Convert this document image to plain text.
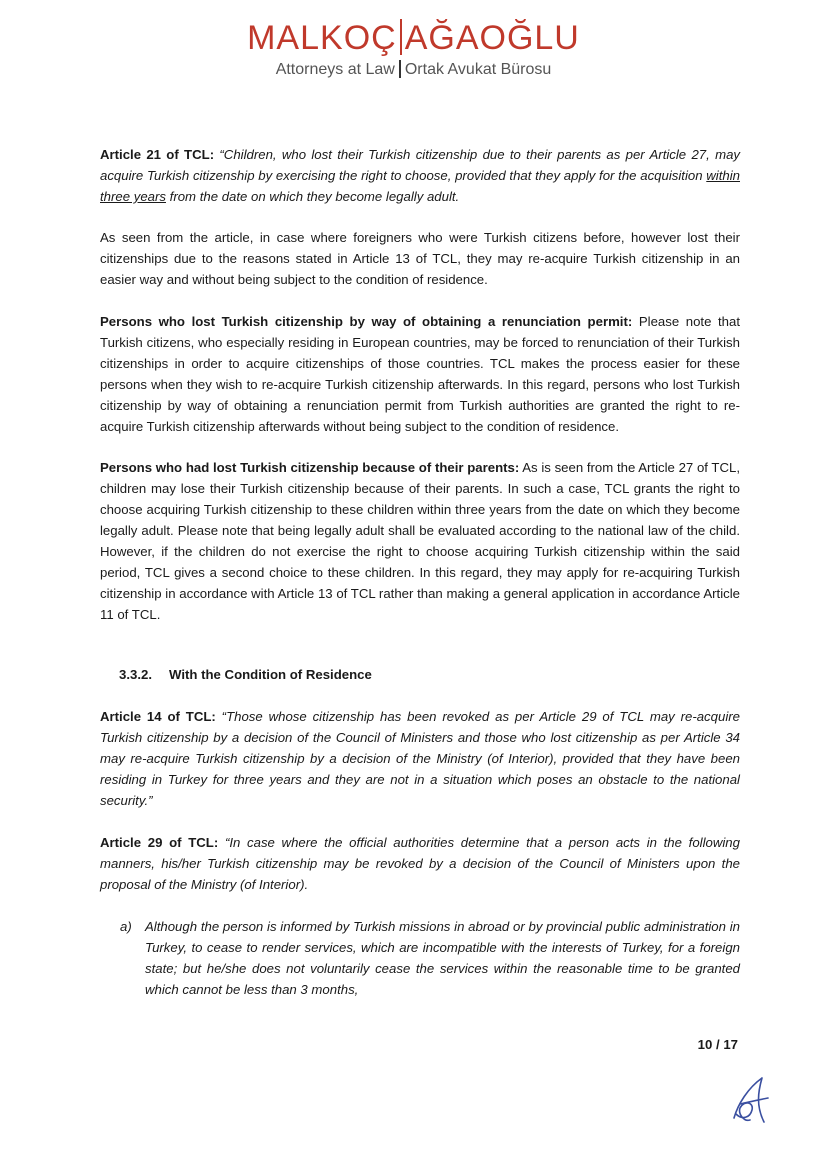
MALKOÇ AĞAOĞLU
Attorneys at Law Ortak Avukat Bürosu
Article 21 of TCL: “Children, who lost their Turkish citizenship due to their parents as per Article 27, may acquire Turkish citizenship by exercising the right to choose, provided that they apply for the acquisition within three years from the date on which they become legally adult.
As seen from the article, in case where foreigners who were Turkish citizens before, however lost their citizenships due to the reasons stated in Article 13 of TCL, they may re-acquire Turkish citizenship in an easier way and without being subject to the condition of residence.
Persons who lost Turkish citizenship by way of obtaining a renunciation permit: Please note that Turkish citizens, who especially residing in European countries, may be forced to renunciation of their Turkish citizenships in order to acquire citizenships of those countries. TCL makes the process easier for these persons when they wish to re-acquire Turkish citizenship afterwards. In this regard, persons who lost Turkish citizenship by way of obtaining a renunciation permit from Turkish authorities are granted the right to re-acquire Turkish citizenship afterwards without being subject to the condition of residence.
Persons who had lost Turkish citizenship because of their parents: As is seen from the Article 27 of TCL, children may lose their Turkish citizenship because of their parents. In such a case, TCL grants the right to choose acquiring Turkish citizenship to these children within three years from the date on which they become legally adult. Please note that being legally adult shall be evaluated according to the national law of the child. However, if the children do not exercise the right to choose acquiring Turkish citizenship within the said period, TCL gives a second choice to these children. In this regard, they may apply for re-acquiring Turkish citizenship in accordance with Article 13 of TCL rather than making a general application in accordance Article 11 of TCL.
3.3.2. With the Condition of Residence
Article 14 of TCL: “Those whose citizenship has been revoked as per Article 29 of TCL may re-acquire Turkish citizenship by a decision of the Council of Ministers and those who lost citizenship as per Article 34 may re-acquire Turkish citizenship by a decision of the Ministry (of Interior), provided that they have been residing in Turkey for three years and they are not in a situation which poses an obstacle to the national security.”
Article 29 of TCL: “In case where the official authorities determine that a person acts in the following manners, his/her Turkish citizenship may be revoked by a decision of the Council of Ministers upon the proposal of the Ministry (of Interior).
a) Although the person is informed by Turkish missions in abroad or by provincial public administration in Turkey, to cease to render services, which are incompatible with the interests of Turkey, for a foreign state; but he/she does not voluntarily cease the services within the reasonable time to be granted which cannot be less than 3 months,
10 / 17
